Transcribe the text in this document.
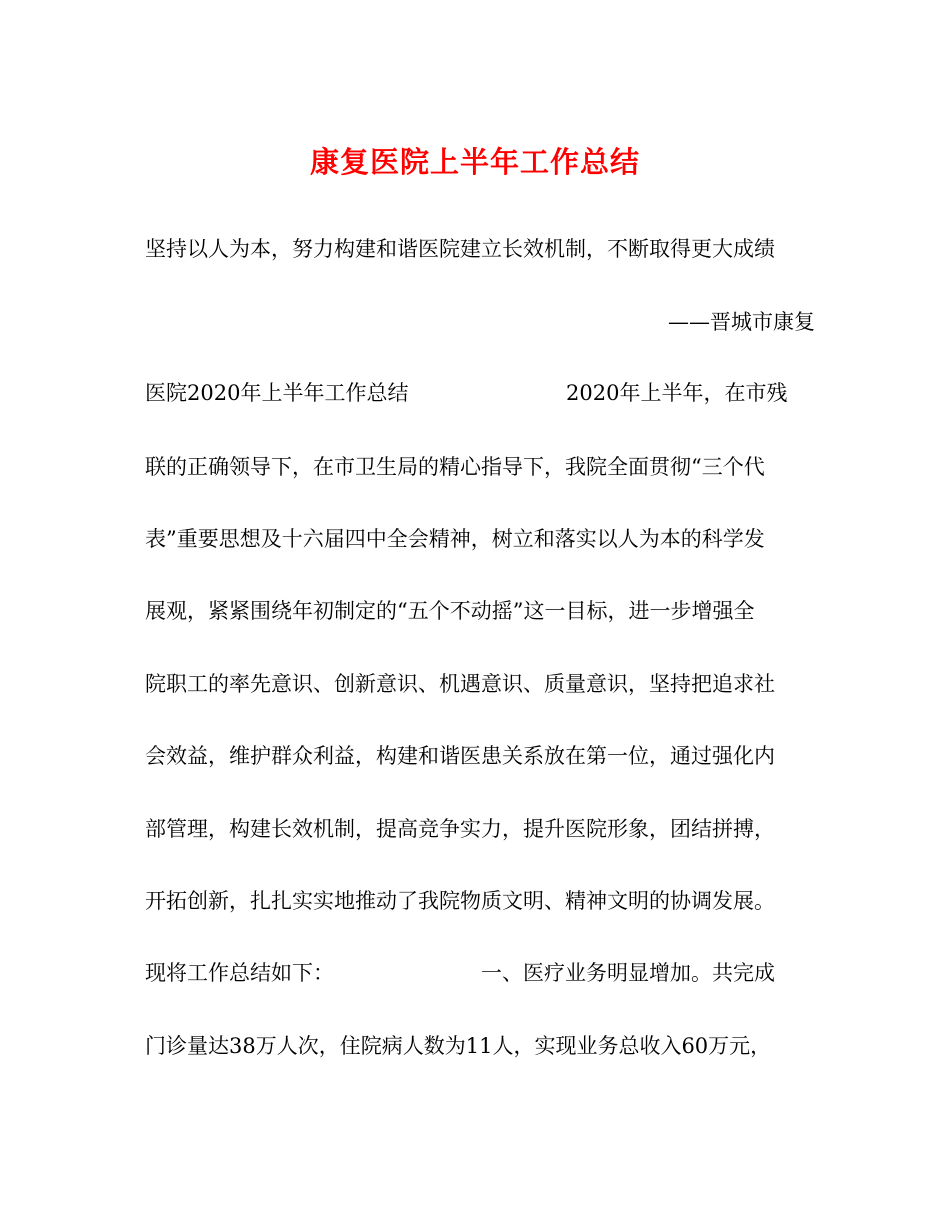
康复医院上半年工作总结
坚持以人为本，努力构建和谐医院建立长效机制，不断取得更大成绩
——晋城市康复
医院2020年上半年工作总结	2020年上半年，在市残
联的正确领导下，在市卫生局的精心指导下，我院全面贯彻“三个代
表”重要思想及十六届四中全会精神，树立和落实以人为本的科学发
展观，紧紧围绕年初制定的“五个不动摇”这一目标，进一步增强全
院职工的率先意识、创新意识、机遇意识、质量意识，坚持把追求社
会效益，维护群众利益，构建和谐医患关系放在第一位，通过强化内
部管理，构建长效机制，提高竞争实力，提升医院形象，团结拼搏，
开拓创新，扎扎实实地推动了我院物质文明、精神文明的协调发展。
现将工作总结如下：	一、医疗业务明显增加。共完成
门诊量达38万人次，住院病人数为11人，实现业务总收入60万元，
